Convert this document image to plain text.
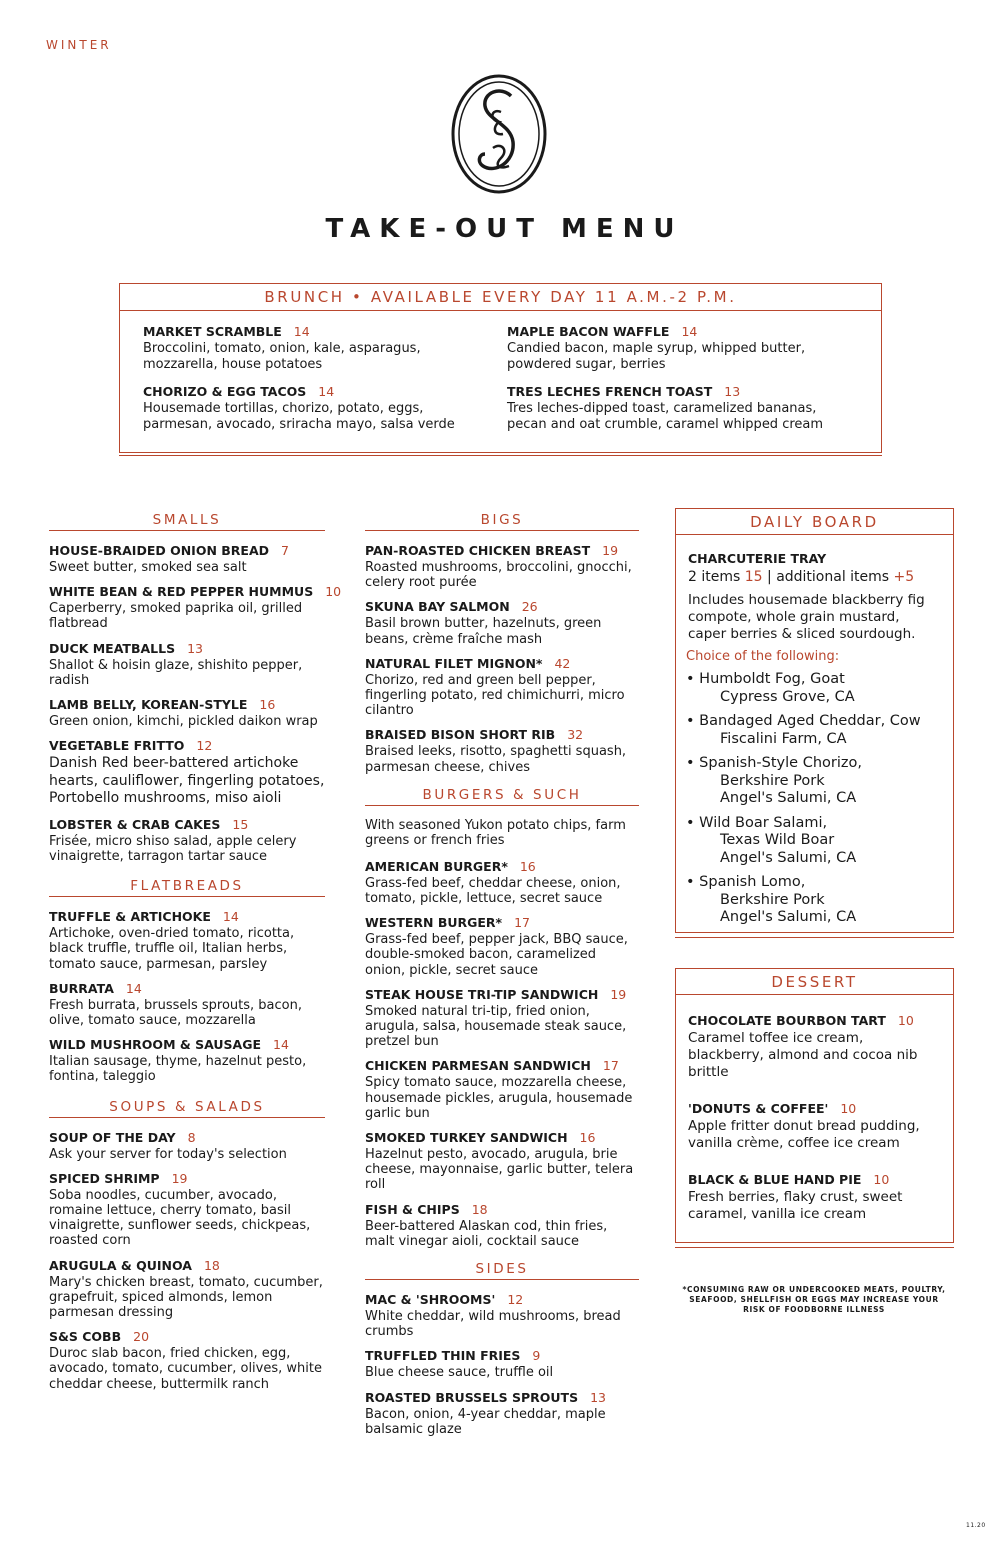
WINTER
TAKE-OUT MENU
BRUNCH • AVAILABLE EVERY DAY 11 A.M.-2 P.M.
MARKET SCRAMBLE 14
Broccolini, tomato, onion, kale, asparagus, mozzarella, house potatoes
CHORIZO & EGG TACOS 14
Housemade tortillas, chorizo, potato, eggs, parmesan, avocado, sriracha mayo, salsa verde
MAPLE BACON WAFFLE 14
Candied bacon, maple syrup, whipped butter, powdered sugar, berries
TRES LECHES FRENCH TOAST 13
Tres leches-dipped toast, caramelized bananas, pecan and oat crumble, caramel whipped cream
SMALLS
HOUSE-BRAIDED ONION BREAD 7
Sweet butter, smoked sea salt
WHITE BEAN & RED PEPPER HUMMUS 10
Caperberry, smoked paprika oil, grilled flatbread
DUCK MEATBALLS 13
Shallot & hoisin glaze, shishito pepper, radish
LAMB BELLY, KOREAN-STYLE 16
Green onion, kimchi, pickled daikon wrap
VEGETABLE FRITTO 12
Danish Red beer-battered artichoke hearts, cauliflower, fingerling potatoes, Portobello mushrooms, miso aioli
LOBSTER & CRAB CAKES 15
Frisée, micro shiso salad, apple celery vinaigrette, tarragon tartar sauce
FLATBREADS
TRUFFLE & ARTICHOKE 14
Artichoke, oven-dried tomato, ricotta, black truffle, truffle oil, Italian herbs, tomato sauce, parmesan, parsley
BURRATA 14
Fresh burrata, brussels sprouts, bacon, olive, tomato sauce, mozzarella
WILD MUSHROOM & SAUSAGE 14
Italian sausage, thyme, hazelnut pesto, fontina, taleggio
SOUPS & SALADS
SOUP OF THE DAY 8
Ask your server for today's selection
SPICED SHRIMP 19
Soba noodles, cucumber, avocado, romaine lettuce, cherry tomato, basil vinaigrette, sunflower seeds, chickpeas, roasted corn
ARUGULA & QUINOA 18
Mary's chicken breast, tomato, cucumber, grapefruit, spiced almonds, lemon parmesan dressing
S&S COBB 20
Duroc slab bacon, fried chicken, egg, avocado, tomato, cucumber, olives, white cheddar cheese, buttermilk ranch
BIGS
PAN-ROASTED CHICKEN BREAST 19
Roasted mushrooms, broccolini, gnocchi, celery root purée
SKUNA BAY SALMON 26
Basil brown butter, hazelnuts, green beans, crème fraîche mash
NATURAL FILET MIGNON* 42
Chorizo, red and green bell pepper, fingerling potato, red chimichurri, micro cilantro
BRAISED BISON SHORT RIB 32
Braised leeks, risotto, spaghetti squash, parmesan cheese, chives
BURGERS & SUCH
With seasoned Yukon potato chips, farm greens or french fries
AMERICAN BURGER* 16
Grass-fed beef, cheddar cheese, onion, tomato, pickle, lettuce, secret sauce
WESTERN BURGER* 17
Grass-fed beef, pepper jack, BBQ sauce, double-smoked bacon, caramelized onion, pickle, secret sauce
STEAK HOUSE TRI-TIP SANDWICH 19
Smoked natural tri-tip, fried onion, arugula, salsa, housemade steak sauce, pretzel bun
CHICKEN PARMESAN SANDWICH 17
Spicy tomato sauce, mozzarella cheese, housemade pickles, arugula, housemade garlic bun
SMOKED TURKEY SANDWICH 16
Hazelnut pesto, avocado, arugula, brie cheese, mayonnaise, garlic butter, telera roll
FISH & CHIPS 18
Beer-battered Alaskan cod, thin fries, malt vinegar aioli, cocktail sauce
SIDES
MAC & 'SHROOMS' 12
White cheddar, wild mushrooms, bread crumbs
TRUFFLED THIN FRIES 9
Blue cheese sauce, truffle oil
ROASTED BRUSSELS SPROUTS 13
Bacon, onion, 4-year cheddar, maple balsamic glaze
DAILY BOARD
CHARCUTERIE TRAY
2 items 15 | additional items +5
Includes housemade blackberry fig compote, whole grain mustard, caper berries & sliced sourdough.
Choice of the following:
• Humboldt Fog, Goat
Cypress Grove, CA
• Bandaged Aged Cheddar, Cow
Fiscalini Farm, CA
• Spanish-Style Chorizo,
Berkshire Pork
Angel's Salumi, CA
• Wild Boar Salami,
Texas Wild Boar
Angel's Salumi, CA
• Spanish Lomo,
Berkshire Pork
Angel's Salumi, CA
DESSERT
CHOCOLATE BOURBON TART 10
Caramel toffee ice cream, blackberry, almond and cocoa nib brittle
'DONUTS & COFFEE' 10
Apple fritter donut bread pudding, vanilla crème, coffee ice cream
BLACK & BLUE HAND PIE 10
Fresh berries, flaky crust, sweet caramel, vanilla ice cream
*CONSUMING RAW OR UNDERCOOKED MEATS, POULTRY, SEAFOOD, SHELLFISH OR EGGS MAY INCREASE YOUR RISK OF FOODBORNE ILLNESS
11.20
